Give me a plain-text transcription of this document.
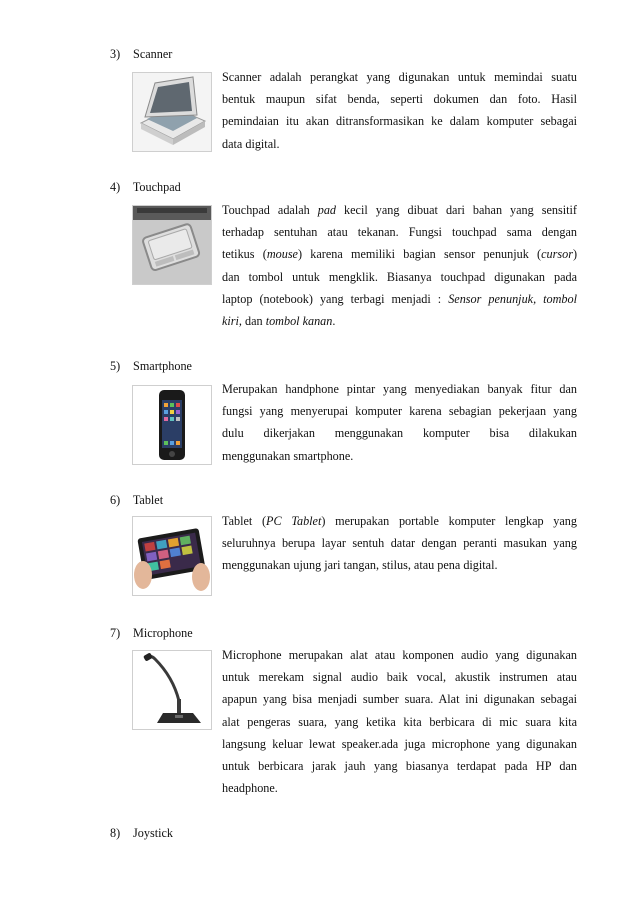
3) Scanner
Scanner adalah perangkat yang digunakan untuk memindai suatu
bentuk maupun sifat benda, seperti dokumen dan foto. Hasil
pemindaian itu akan ditransformasikan ke dalam komputer sebagai
data digital.
4) Touchpad
Touchpad adalah pad kecil yang dibuat dari bahan yang sensitif
terhadap sentuhan atau tekanan. Fungsi touchpad sama dengan
tetikus (mouse) karena memiliki bagian sensor penunjuk (cursor)
dan tombol untuk mengklik. Biasanya touchpad digunakan pada
laptop (notebook) yang terbagi menjadi : Sensor penunjuk, tombol
kiri, dan tombol kanan.
5) Smartphone
Merupakan handphone pintar yang menyediakan banyak fitur dan
fungsi yang menyerupai komputer karena sebagian pekerjaan yang
dulu dikerjakan menggunakan komputer bisa dilakukan
menggunakan smartphone.
6) Tablet
Tablet (PC Tablet) merupakan portable komputer lengkap yang
seluruhnya berupa layar sentuh datar dengan peranti masukan yang
menggunakan ujung jari tangan, stilus, atau pena digital.
7) Microphone
Microphone merupakan alat atau komponen audio yang digunakan
untuk merekam signal audio baik vocal, akustik instrumen atau
apapun yang bisa menjadi sumber suara. Alat ini digunakan sebagai
alat pengeras suara, yang ketika kita berbicara di mic suara kita
langsung keluar lewat speaker.ada juga microphone yang digunakan
untuk berbicara jarak jauh yang biasanya terdapat pada HP dan
headphone.
8) Joystick
